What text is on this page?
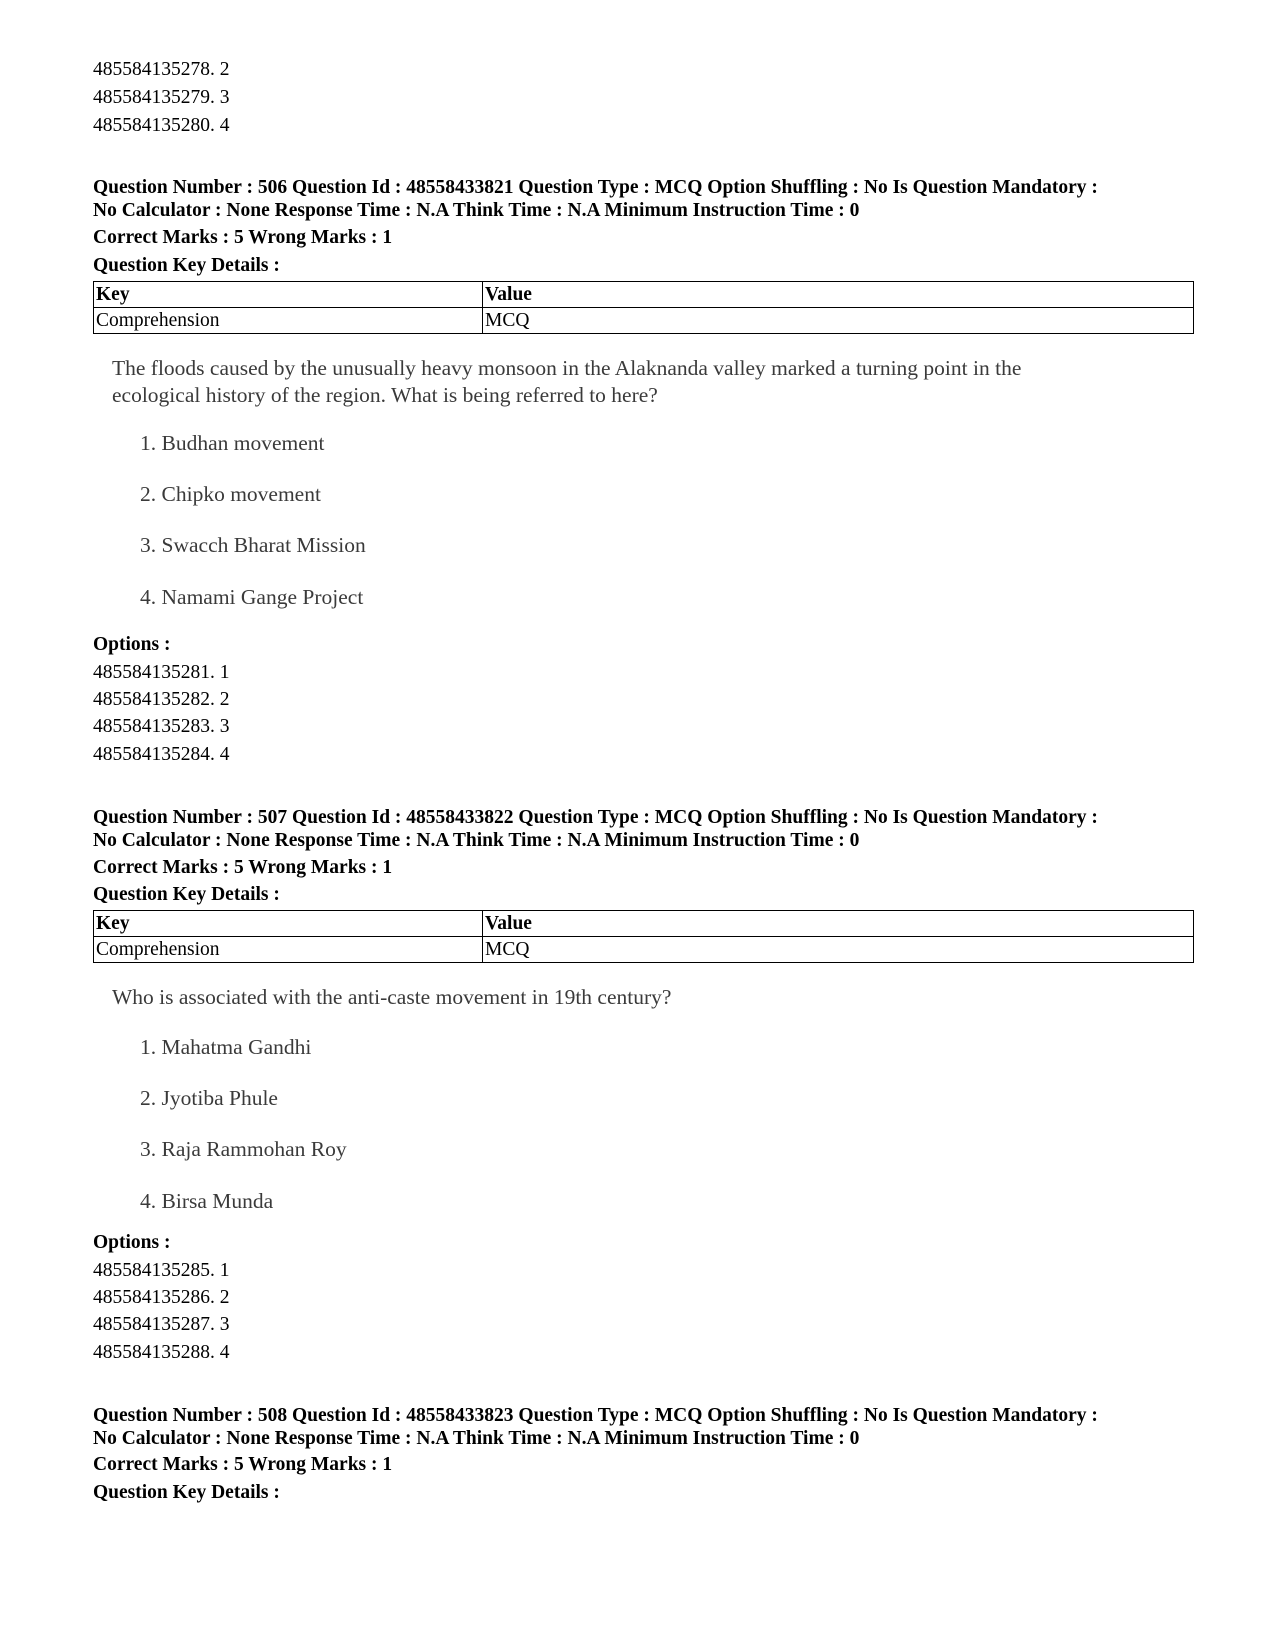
485584135278. 2
485584135279. 3
485584135280. 4
Question Number : 506 Question Id : 48558433821 Question Type : MCQ Option Shuffling : No Is Question Mandatory :
No Calculator : None Response Time : N.A Think Time : N.A Minimum Instruction Time : 0
Correct Marks : 5 Wrong Marks : 1
Question Key Details :
Key	Value
Comprehension	MCQ
The floods caused by the unusually heavy monsoon in the Alaknanda valley marked a turning point in the ecological history of the region. What is being referred to here?
1. Budhan movement
2. Chipko movement
3. Swacch Bharat Mission
4. Namami Gange Project
Options :
485584135281. 1
485584135282. 2
485584135283. 3
485584135284. 4
Question Number : 507 Question Id : 48558433822 Question Type : MCQ Option Shuffling : No Is Question Mandatory :
No Calculator : None Response Time : N.A Think Time : N.A Minimum Instruction Time : 0
Correct Marks : 5 Wrong Marks : 1
Question Key Details :
Key	Value
Comprehension	MCQ
Who is associated with the anti-caste movement in 19th century?
1. Mahatma Gandhi
2. Jyotiba Phule
3. Raja Rammohan Roy
4. Birsa Munda
Options :
485584135285. 1
485584135286. 2
485584135287. 3
485584135288. 4
Question Number : 508 Question Id : 48558433823 Question Type : MCQ Option Shuffling : No Is Question Mandatory :
No Calculator : None Response Time : N.A Think Time : N.A Minimum Instruction Time : 0
Correct Marks : 5 Wrong Marks : 1
Question Key Details :
